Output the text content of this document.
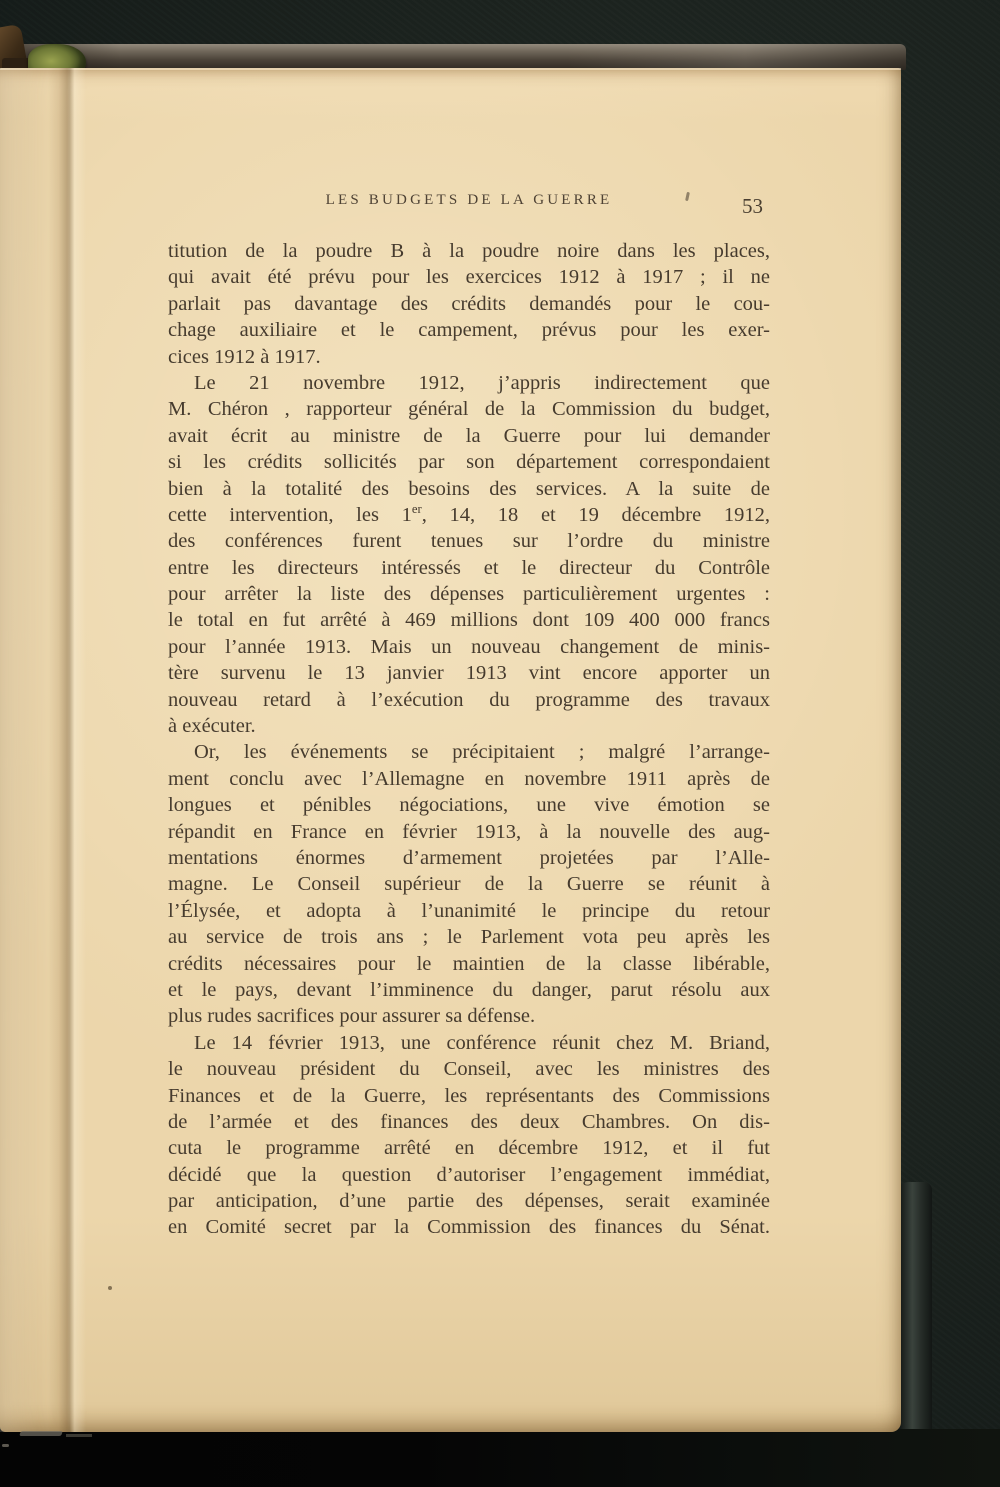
LES BUDGETS DE LA GUERRE	53
titution de la poudre B à la poudre noire dans les places,
qui avait été prévu pour les exercices 1912 à 1917 ; il ne
parlait pas davantage des crédits demandés pour le cou-
chage auxiliaire et le campement, prévus pour les exer-
cices 1912 à 1917.
Le 21 novembre 1912, j’appris indirectement que
M. Chéron , rapporteur général de la Commission du budget,
avait écrit au ministre de la Guerre pour lui demander
si les crédits sollicités par son département correspondaient
bien à la totalité des besoins des services. A la suite de
cette intervention, les 1er, 14, 18 et 19 décembre 1912,
des conférences furent tenues sur l’ordre du ministre
entre les directeurs intéressés et le directeur du Contrôle
pour arrêter la liste des dépenses particulièrement urgentes :
le total en fut arrêté à 469 millions dont 109 400 000 francs
pour l’année 1913. Mais un nouveau changement de minis-
tère survenu le 13 janvier 1913 vint encore apporter un
nouveau retard à l’exécution du programme des travaux
à exécuter.
Or, les événements se précipitaient ; malgré l’arrange-
ment conclu avec l’Allemagne en novembre 1911 après de
longues et pénibles négociations, une vive émotion se
répandit en France en février 1913, à la nouvelle des aug-
mentations énormes d’armement projetées par l’Alle-
magne. Le Conseil supérieur de la Guerre se réunit à
l’Élysée, et adopta à l’unanimité le principe du retour
au service de trois ans ; le Parlement vota peu après les
crédits nécessaires pour le maintien de la classe libérable,
et le pays, devant l’imminence du danger, parut résolu aux
plus rudes sacrifices pour assurer sa défense.
Le 14 février 1913, une conférence réunit chez M. Briand,
le nouveau président du Conseil, avec les ministres des
Finances et de la Guerre, les représentants des Commissions
de l’armée et des finances des deux Chambres. On dis-
cuta le programme arrêté en décembre 1912, et il fut
décidé que la question d’autoriser l’engagement immédiat,
par anticipation, d’une partie des dépenses, serait examinée
en Comité secret par la Commission des finances du Sénat.
